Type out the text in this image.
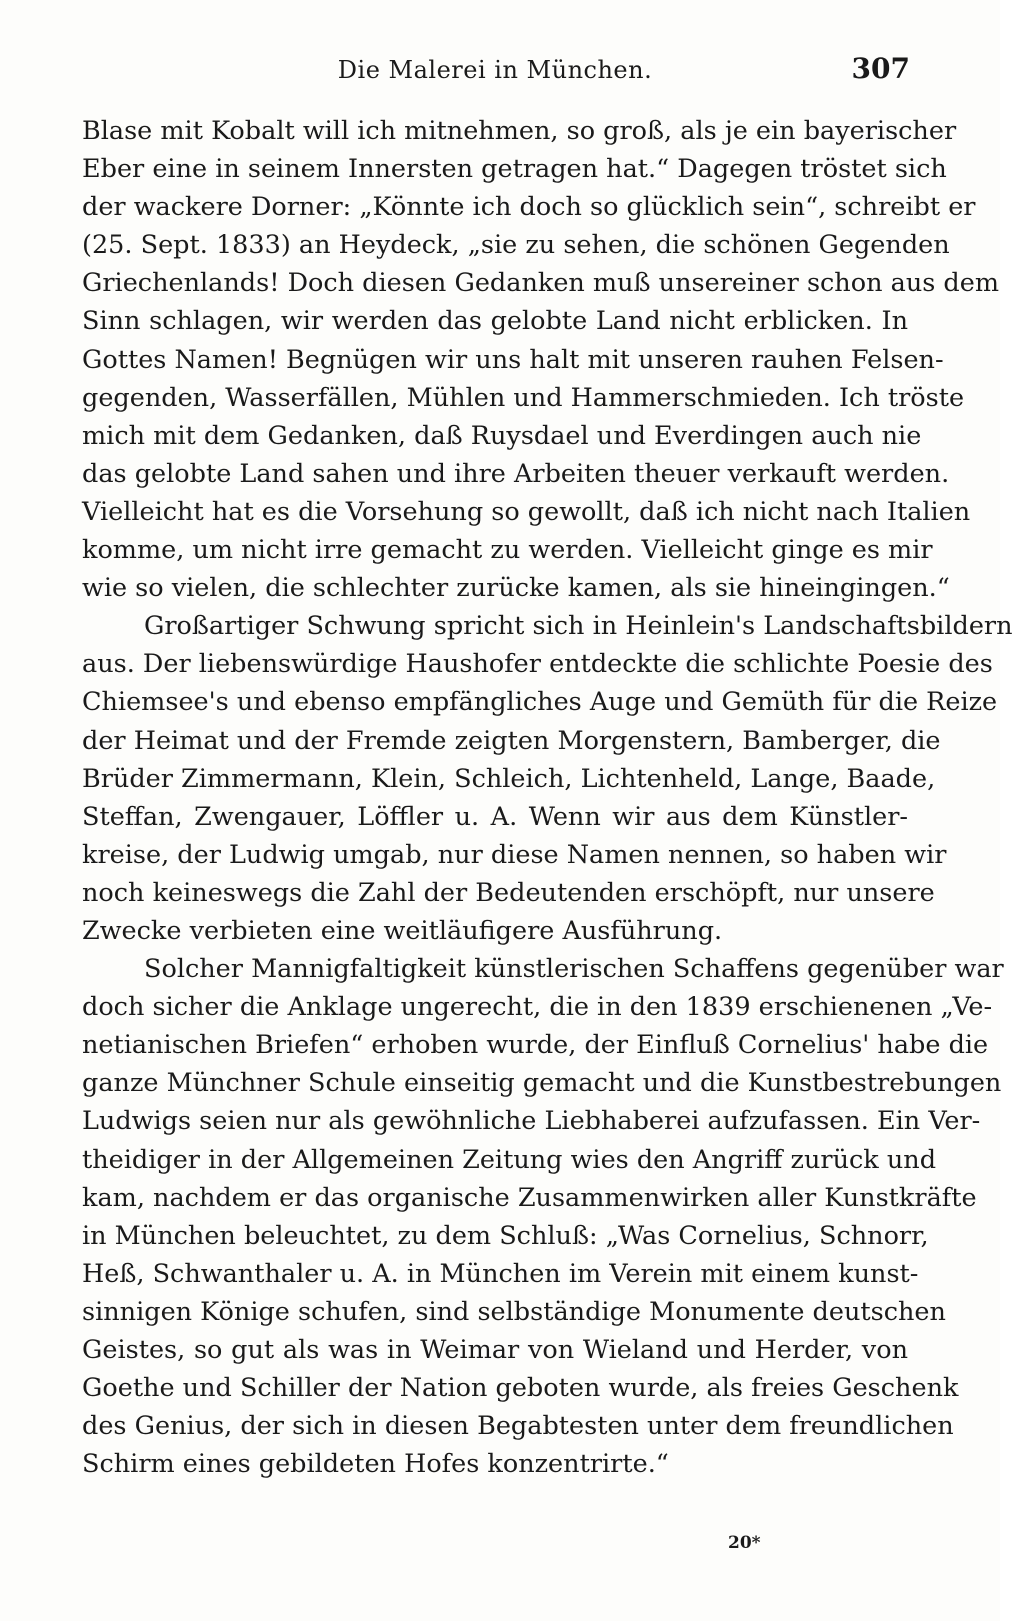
Die Malerei in München.	307
Blase mit Kobalt will ich mitnehmen, so groß, als je ein bayerischer
Eber eine in seinem Innersten getragen hat.“ Dagegen tröstet sich
der wackere Dorner: „Könnte ich doch so glücklich sein“, schreibt er
(25. Sept. 1833) an Heydeck, „sie zu sehen, die schönen Gegenden
Griechenlands! Doch diesen Gedanken muß unsereiner schon aus dem
Sinn schlagen, wir werden das gelobte Land nicht erblicken. In
Gottes Namen! Begnügen wir uns halt mit unseren rauhen Felsen-
gegenden, Wasserfällen, Mühlen und Hammerschmieden. Ich tröste
mich mit dem Gedanken, daß Ruysdael und Everdingen auch nie
das gelobte Land sahen und ihre Arbeiten theuer verkauft werden.
Vielleicht hat es die Vorsehung so gewollt, daß ich nicht nach Italien
komme, um nicht irre gemacht zu werden. Vielleicht ginge es mir
wie so vielen, die schlechter zurücke kamen, als sie hineingingen.“
Großartiger Schwung spricht sich in Heinlein's Landschaftsbildern
aus. Der liebenswürdige Haushofer entdeckte die schlichte Poesie des
Chiemsee's und ebenso empfängliches Auge und Gemüth für die Reize
der Heimat und der Fremde zeigten Morgenstern, Bamberger, die
Brüder Zimmermann, Klein, Schleich, Lichtenheld, Lange, Baade,
Steffan, Zwengauer, Löffler u. A. Wenn wir aus dem Künstler-
kreise, der Ludwig umgab, nur diese Namen nennen, so haben wir
noch keineswegs die Zahl der Bedeutenden erschöpft, nur unsere
Zwecke verbieten eine weitläufigere Ausführung.
Solcher Mannigfaltigkeit künstlerischen Schaffens gegenüber war
doch sicher die Anklage ungerecht, die in den 1839 erschienenen „Ve-
netianischen Briefen“ erhoben wurde, der Einfluß Cornelius' habe die
ganze Münchner Schule einseitig gemacht und die Kunstbestrebungen
Ludwigs seien nur als gewöhnliche Liebhaberei aufzufassen. Ein Ver-
theidiger in der Allgemeinen Zeitung wies den Angriff zurück und
kam, nachdem er das organische Zusammenwirken aller Kunstkräfte
in München beleuchtet, zu dem Schluß: „Was Cornelius, Schnorr,
Heß, Schwanthaler u. A. in München im Verein mit einem kunst-
sinnigen Könige schufen, sind selbständige Monumente deutschen
Geistes, so gut als was in Weimar von Wieland und Herder, von
Goethe und Schiller der Nation geboten wurde, als freies Geschenk
des Genius, der sich in diesen Begabtesten unter dem freundlichen
Schirm eines gebildeten Hofes konzentrirte.“
20*
